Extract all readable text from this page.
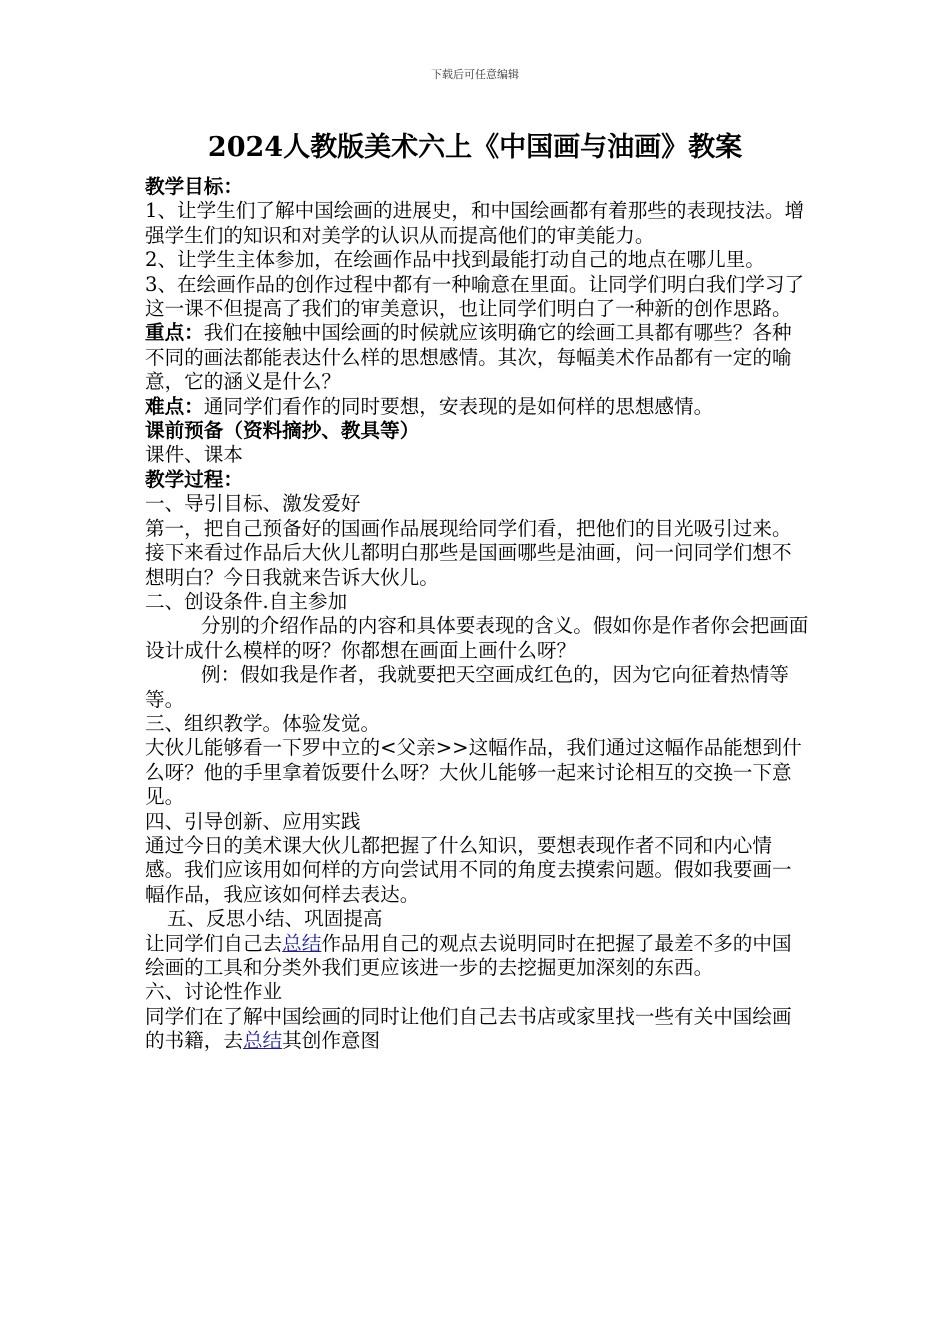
下载后可任意编辑
2024人教版美术六上《中国画与油画》教案

教学目标：

1、让学生们了解中国绘画的进展史，和中国绘画都有着那些的表现技法。增强学生们的知识和对美学的认识从而提高他们的审美能力。

2、让学生主体参加，在绘画作品中找到最能打动自己的地点在哪儿里。

3、在绘画作品的创作过程中都有一种喻意在里面。让同学们明白我们学习了这一课不但提高了我们的审美意识，也让同学们明白了一种新的创作思路。

重点：我们在接触中国绘画的时候就应该明确它的绘画工具都有哪些？各种不同的画法都能表达什么样的思想感情。其次，每幅美术作品都有一定的喻意，它的涵义是什么？

难点：通同学们看作的同时要想，安表现的是如何样的思想感情。

课前预备（资料摘抄、教具等）

课件、课本

教学过程：

一、导引目标、激发爱好

第一，把自己预备好的国画作品展现给同学们看，把他们的目光吸引过来。接下来看过作品后大伙儿都明白那些是国画哪些是油画，问一问同学们想不想明白？今日我就来告诉大伙儿。

二、创设条件.自主参加

分别的介绍作品的内容和具体要表现的含义。假如你是作者你会把画面设计成什么模样的呀？你都想在画面上画什么呀？

例：假如我是作者，我就要把天空画成红色的，因为它向征着热情等等。

三、组织教学。体验发觉。

大伙儿能够看一下罗中立的<父亲>>这幅作品，我们通过这幅作品能想到什么呀？他的手里拿着饭要什么呀？大伙儿能够一起来讨论相互的交换一下意见。

四、引导创新、应用实践

通过今日的美术课大伙儿都把握了什么知识，要想表现作者不同和内心情感。我们应该用如何样的方向尝试用不同的角度去摸索问题。假如我要画一幅作品，我应该如何样去表达。

五、反思小结、巩固提高

让同学们自己去总结作品用自己的观点去说明同时在把握了最差不多的中国绘画的工具和分类外我们更应该进一步的去挖掘更加深刻的东西。

六、讨论性作业

同学们在了解中国绘画的同时让他们自己去书店或家里找一些有关中国绘画的书籍，去总结其创作意图
